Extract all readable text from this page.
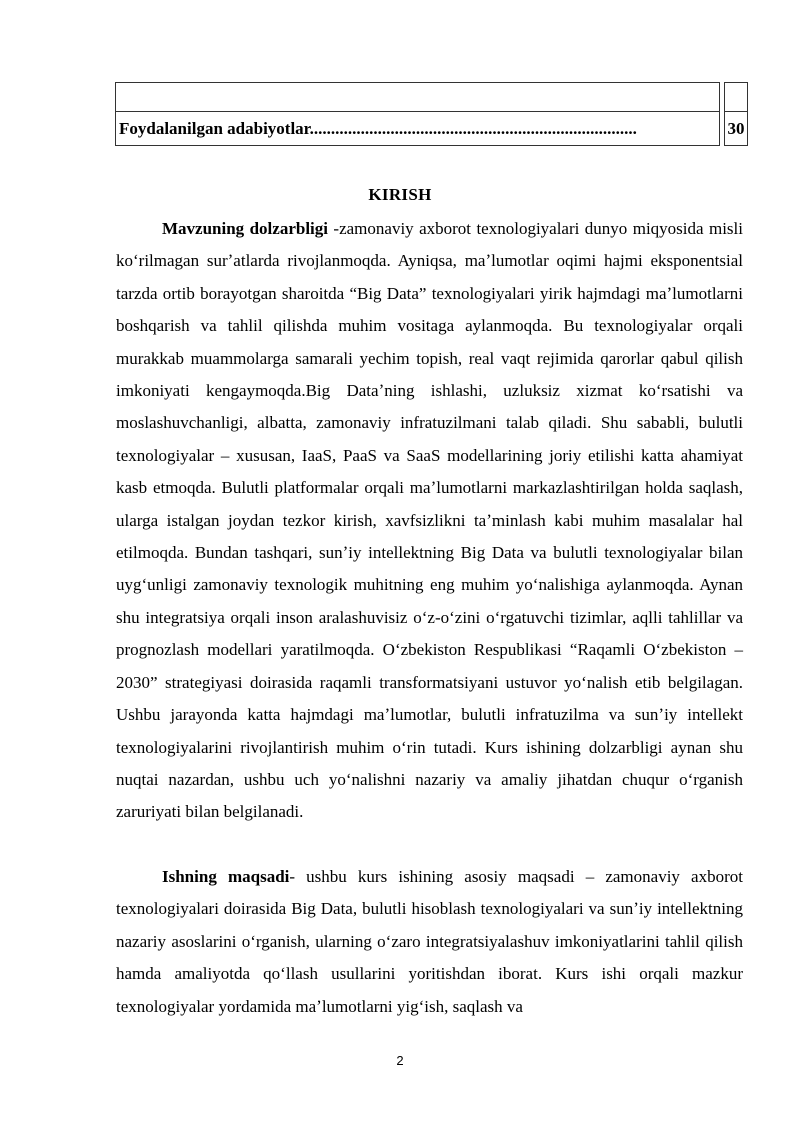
Foydalanilgan adabiyotlar.............................................................................		30
KIRISH

Mavzuning dolzarbligi -zamonaviy axborot texnologiyalari dunyo miqyosida misli koʻrilmagan surʼatlarda rivojlanmoqda. Ayniqsa, maʼlumotlar oqimi hajmi eksponentsial tarzda ortib borayotgan sharoitda “Big Data” texnologiyalari yirik hajmdagi maʼlumotlarni boshqarish va tahlil qilishda muhim vositaga aylanmoqda. Bu texnologiyalar orqali murakkab muammolarga samarali yechim topish, real vaqt rejimida qarorlar qabul qilish imkoniyati kengaymoqda.Big Dataʼning ishlashi, uzluksiz xizmat koʻrsatishi va moslashuvchanligi, albatta, zamonaviy infratuzilmani talab qiladi. Shu sababli, bulutli texnologiyalar – xususan, IaaS, PaaS va SaaS modellarining joriy etilishi katta ahamiyat kasb etmoqda. Bulutli platformalar orqali maʼlumotlarni markazlashtirilgan holda saqlash, ularga istalgan joydan tezkor kirish, xavfsizlikni taʼminlash kabi muhim masalalar hal etilmoqda. Bundan tashqari, sunʼiy intellektning Big Data va bulutli texnologiyalar bilan uygʻunligi zamonaviy texnologik muhitning eng muhim yoʻnalishiga aylanmoqda. Aynan shu integratsiya orqali inson aralashuvisiz oʻz-oʻzini oʻrgatuvchi tizimlar, aqlli tahlillar va prognozlash modellari yaratilmoqda. Oʻzbekiston Respublikasi “Raqamli Oʻzbekiston – 2030” strategiyasi doirasida raqamli transformatsiyani ustuvor yoʻnalish etib belgilagan. Ushbu jarayonda katta hajmdagi maʼlumotlar, bulutli infratuzilma va sunʼiy intellekt texnologiyalarini rivojlantirish muhim oʻrin tutadi. Kurs ishining dolzarbligi aynan shu nuqtai nazardan, ushbu uch yoʻnalishni nazariy va amaliy jihatdan chuqur oʻrganish zaruriyati bilan belgilanadi.

Ishning maqsadi- ushbu kurs ishining asosiy maqsadi – zamonaviy axborot texnologiyalari doirasida Big Data, bulutli hisoblash texnologiyalari va sunʼiy intellektning nazariy asoslarini oʻrganish, ularning oʻzaro integratsiyalashuv imkoniyatlarini tahlil qilish hamda amaliyotda qoʻllash usullarini yoritishdan iborat. Kurs ishi orqali mazkur texnologiyalar yordamida maʼlumotlarni yigʻish, saqlash va

2
